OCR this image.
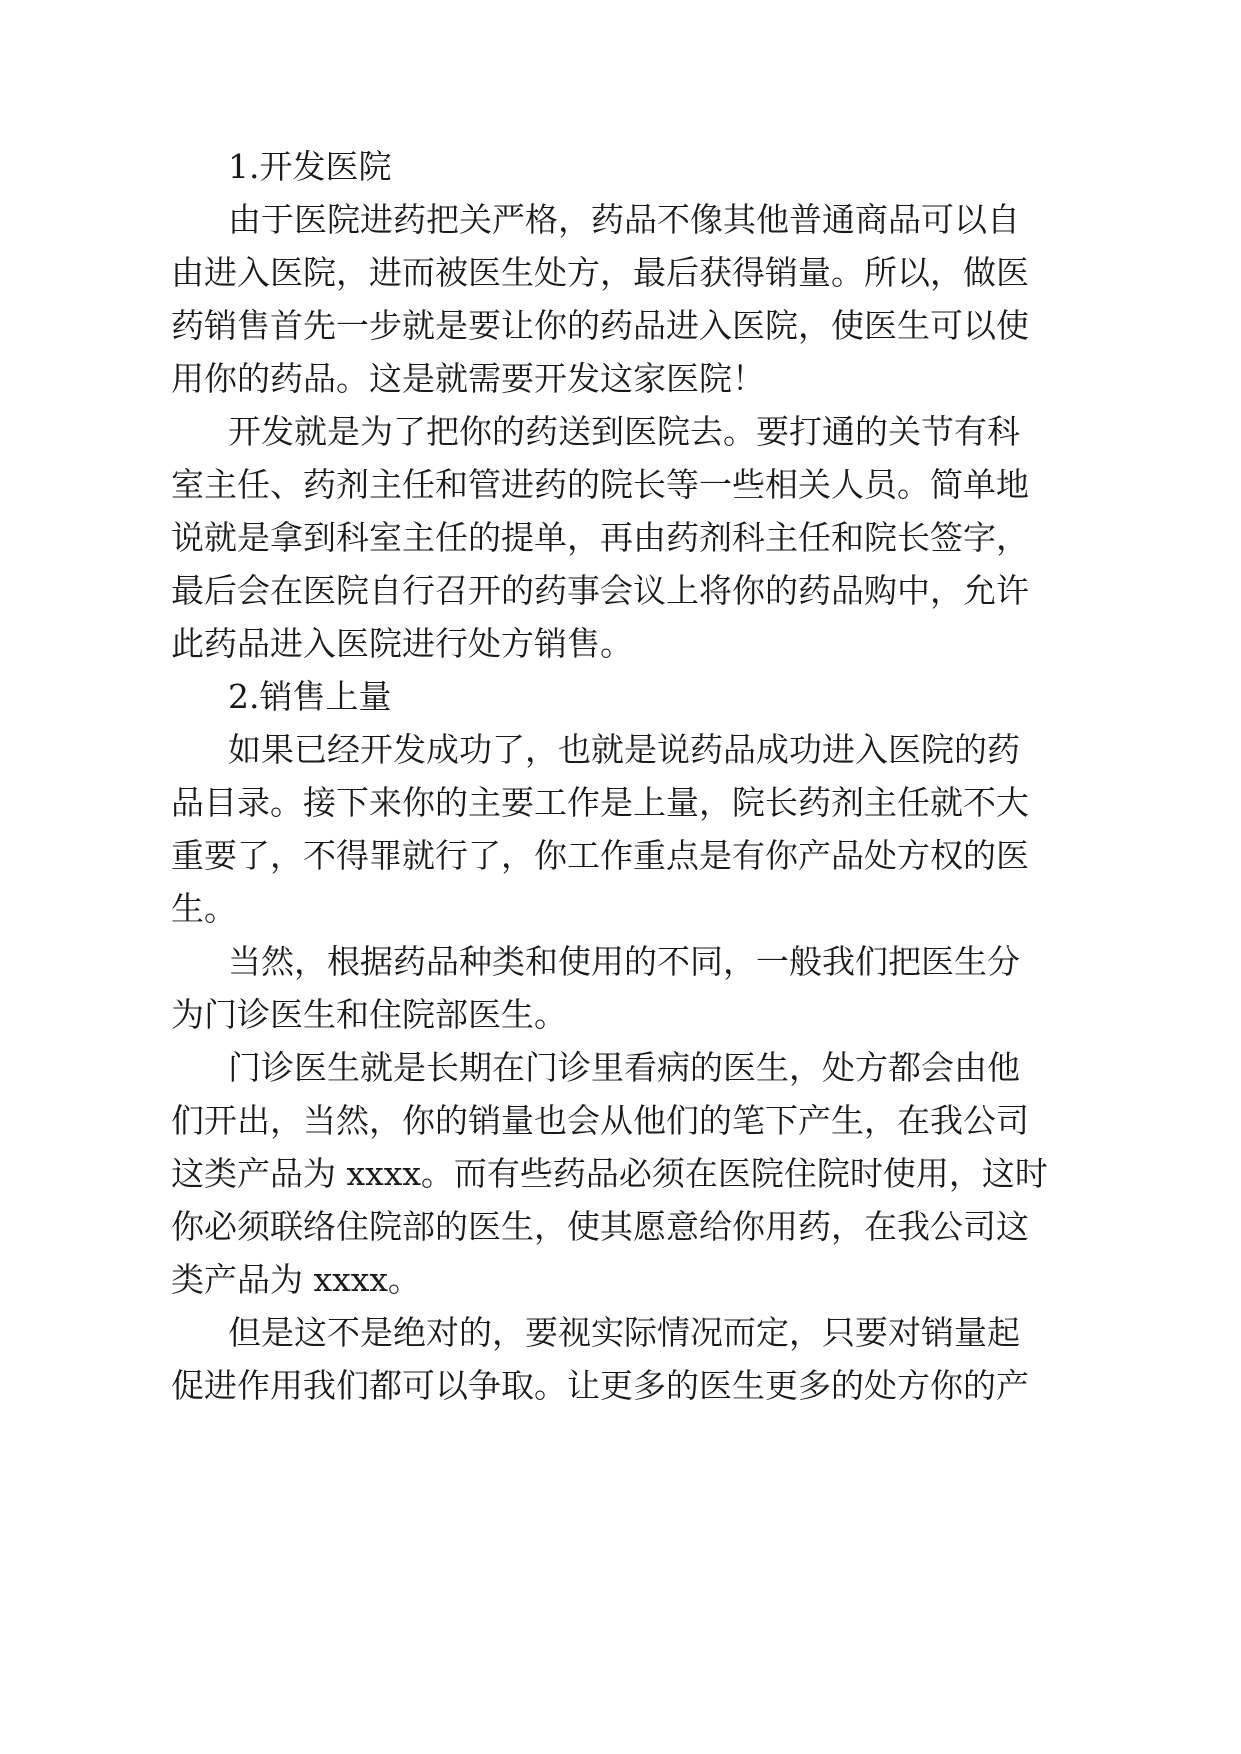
1.开发医院

由于医院进药把关严格，药品不像其他普通商品可以自

由进入医院，进而被医生处方，最后获得销量。所以，做医

药销售首先一步就是要让你的药品进入医院，使医生可以使

用你的药品。这是就需要开发这家医院！

开发就是为了把你的药送到医院去。要打通的关节有科

室主任、药剂主任和管进药的院长等一些相关人员。简单地

说就是拿到科室主任的提单，再由药剂科主任和院长签字，

最后会在医院自行召开的药事会议上将你的药品购中，允许

此药品进入医院进行处方销售。

2.销售上量

如果已经开发成功了，也就是说药品成功进入医院的药

品目录。接下来你的主要工作是上量，院长药剂主任就不大

重要了，不得罪就行了，你工作重点是有你产品处方权的医

生。

当然，根据药品种类和使用的不同，一般我们把医生分

为门诊医生和住院部医生。

门诊医生就是长期在门诊里看病的医生，处方都会由他

们开出，当然，你的销量也会从他们的笔下产生，在我公司

这类产品为 xxxx。而有些药品必须在医院住院时使用，这时

你必须联络住院部的医生，使其愿意给你用药，在我公司这

类产品为 xxxx。

但是这不是绝对的，要视实际情况而定，只要对销量起

促进作用我们都可以争取。让更多的医生更多的处方你的产
